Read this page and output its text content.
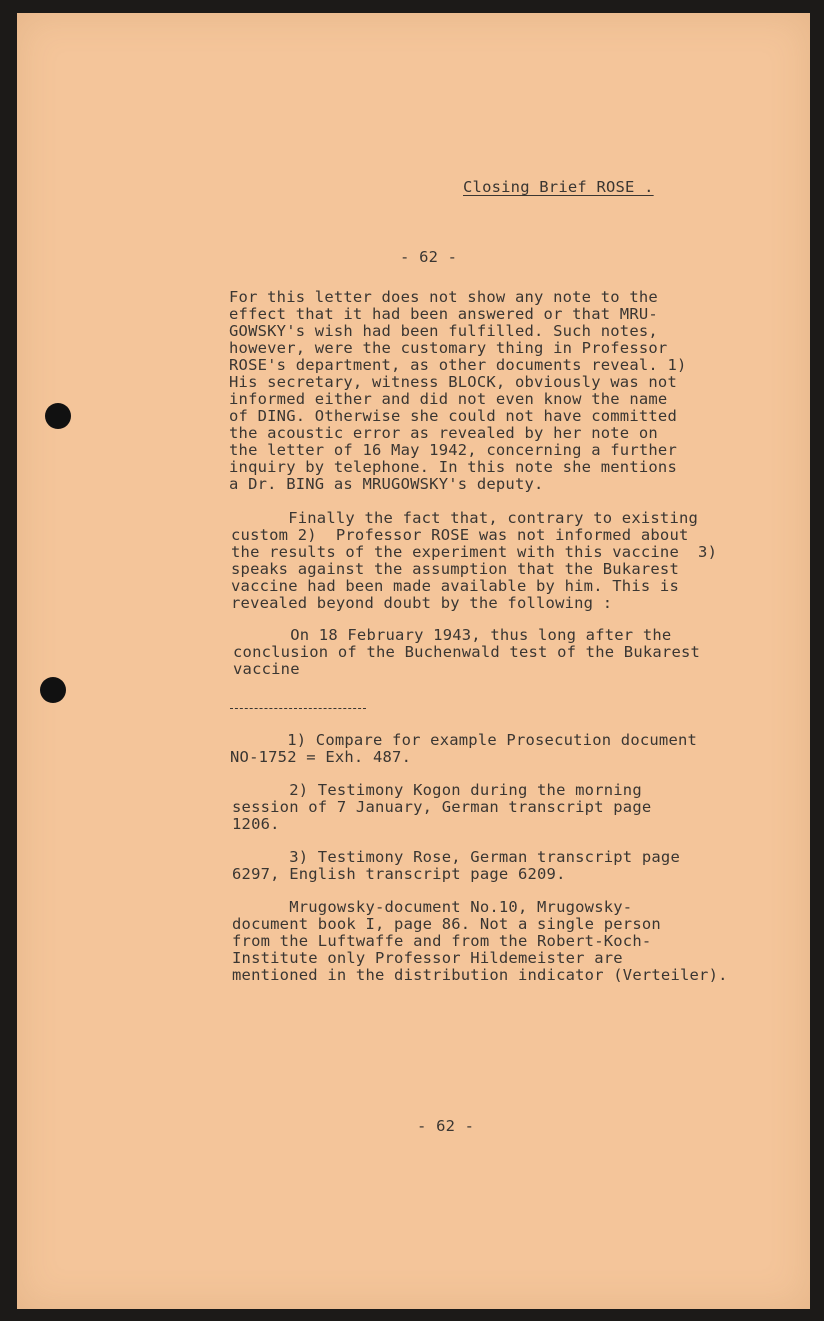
Closing Brief ROSE .
- 62 -
For this letter does not show any note to the
effect that it had been answered or that MRU-
GOWSKY's wish had been fulfilled. Such notes,
however, were the customary thing in Professor
ROSE's department, as other documents reveal. 1)
His secretary, witness BLOCK, obviously was not
informed either and did not even know the name
of DING. Otherwise she could not have committed
the acoustic error as revealed by her note on
the letter of 16 May 1942, concerning a further
inquiry by telephone. In this note she mentions
a Dr. BING as MRUGOWSKY's deputy.
Finally the fact that, contrary to existing
custom 2)  Professor ROSE was not informed about
the results of the experiment with this vaccine  3)
speaks against the assumption that the Bukarest
vaccine had been made available by him. This is
revealed beyond doubt by the following :
On 18 February 1943, thus long after the
conclusion of the Buchenwald test of the Bukarest
vaccine
1) Compare for example Prosecution document
NO-1752 = Exh. 487.
2) Testimony Kogon during the morning
session of 7 January, German transcript page
1206.
3) Testimony Rose, German transcript page
6297, English transcript page 6209.
Mrugowsky-document No.10, Mrugowsky-
document book I, page 86. Not a single person
from the Luftwaffe and from the Robert-Koch-
Institute only Professor Hildemeister are
mentioned in the distribution indicator (Verteiler).
- 62 -
